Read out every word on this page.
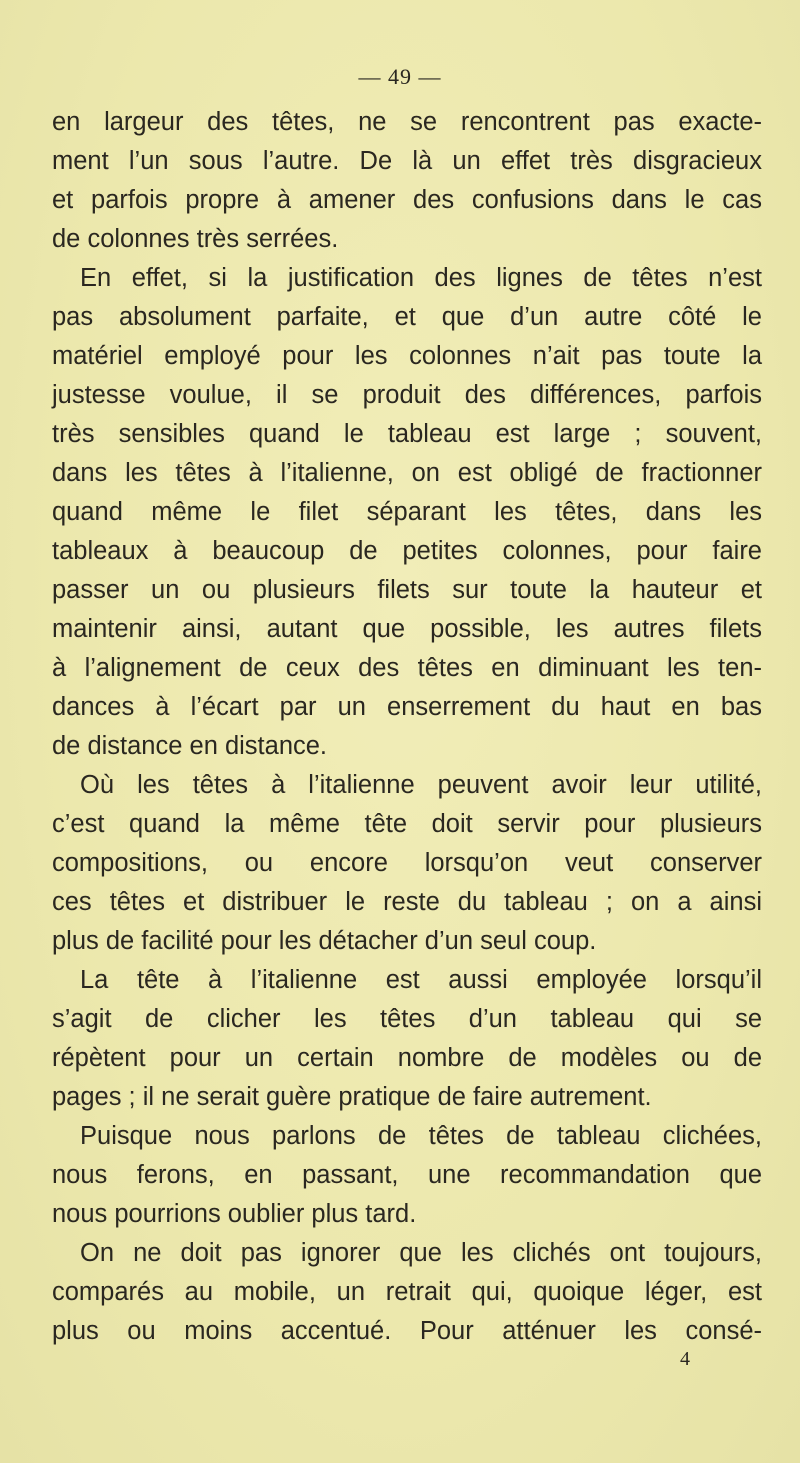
— 49 —
en largeur des têtes, ne se rencontrent pas exacte-
ment l’un sous l’autre. De là un effet très disgracieux
et parfois propre à amener des confusions dans le cas
de colonnes très serrées.
En effet, si la justification des lignes de têtes n’est
pas absolument parfaite, et que d’un autre côté le
matériel employé pour les colonnes n’ait pas toute la
justesse voulue, il se produit des différences, parfois
très sensibles quand le tableau est large ; souvent,
dans les têtes à l’italienne, on est obligé de fractionner
quand même le filet séparant les têtes, dans les
tableaux à beaucoup de petites colonnes, pour faire
passer un ou plusieurs filets sur toute la hauteur et
maintenir ainsi, autant que possible, les autres filets
à l’alignement de ceux des têtes en diminuant les ten-
dances à l’écart par un enserrement du haut en bas
de distance en distance.
Où les têtes à l’italienne peuvent avoir leur utilité,
c’est quand la même tête doit servir pour plusieurs
compositions, ou encore lorsqu’on veut conserver
ces têtes et distribuer le reste du tableau ; on a ainsi
plus de facilité pour les détacher d’un seul coup.
La tête à l’italienne est aussi employée lorsqu’il
s’agit de clicher les têtes d’un tableau qui se
répètent pour un certain nombre de modèles ou de
pages ; il ne serait guère pratique de faire autrement.
Puisque nous parlons de têtes de tableau clichées,
nous ferons, en passant, une recommandation que
nous pourrions oublier plus tard.
On ne doit pas ignorer que les clichés ont toujours,
comparés au mobile, un retrait qui, quoique léger, est
plus ou moins accentué. Pour atténuer les consé-
4
